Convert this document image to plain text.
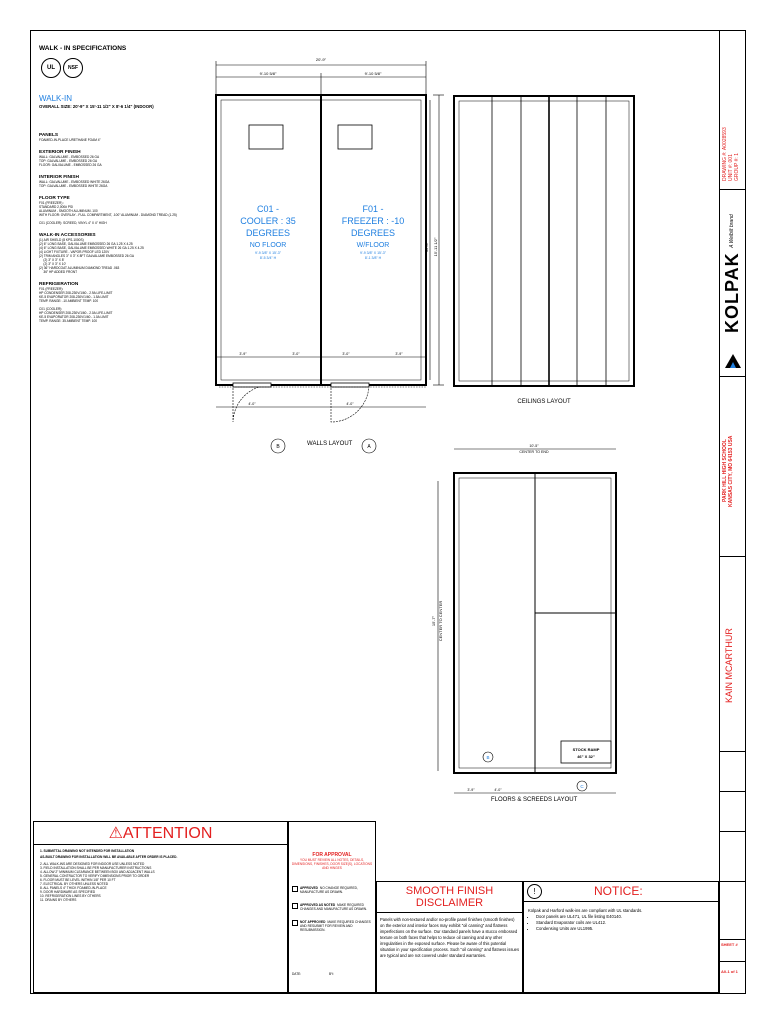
WALK - IN SPECIFICATIONS
UL	NSF
WALK-IN
OVERALL SIZE: 20'-9" X 15'-11 1/2" X 8'-6 1/4" (INDOOR)
PANELS
FOAMED-IN-PLACE URETHANE FOAM 4"
EXTERIOR FINISH
WALL: GALVALUME - EMBOSSED 26 GA
TOP: GALVALUME - EMBOSSED 26 GA
FLOOR: GALVALUME - EMBOSSED 26 GA
INTERIOR FINISH
WALL: GALVALUME - EMBOSSED WHITE 26GA
TOP: GALVALUME - EMBOSSED WHITE 26GA
FLOOR TYPE
F01 (FREEZER) :
STANDARD 2,000# PSI
ALUMINUM - SMOOTH ALUMINUM .100
WITH FLOOR: OVERLAY - FULL COMPARTMENT, .100" ALUMINUM - DIAMOND TREAD (1.25)
C01 (COOLER): SCREED, VINYL 4" X 4" HIGH
WALK-IN ACCESSORIES
(1) AIR SHIELD (8 KPS-1000S)
(2) 6" LONG BASE, GALVALUME EMBOSSED 26 GA 1.25 X 4.25
(4) 6" LONG BASE, GALVALUME EMBOSSED WHITE 26 GA 1.25 X 4.25
(4) LIGHT FIXTURE - VAPOR-PROOF LED 120V
(2) TRIM ANGLES 3" X 3" X 8FT GALVALUME EMBOSSED 26 GA
(2) 3" X 3" X 8'
(2) 3" X 3" X 10'
(2) 36" HARDCOAT ALUMINUM DIAMOND TREAD .063
36" HP ADDED FRONT
REFRIGERATION
F01 (FREEZER):
HP CONDENSER 208-230V/1/60 - 2.9A LIFE-LIMIT
KE-5 EVAPORATOR 208-230V/1/60 - 1.5A LIMIT
TEMP. RANGE: -10 AMBIENT TEMP. 100
C01 (COOLER):
HP CONDENSER 208-230V/1/60 - 2.0A LIFE-LIMIT
KE-5 EVAPORATOR 208-230V/1/60 - 1.0A LIMIT
TEMP. RANGE: 35 AMBIENT TEMP. 100
20'-9"
9'-10 5/8"	9'-10 5/8"
15'-11 1/2"
15'-3"
C01 -
COOLER : 35
DEGREES
NO FLOOR
9'-9 3/8" X 15'-3"
8'-5 3/4" H
F01 -
FREEZER : -10
DEGREES
W/FLOOR
9'-9 3/8" X 15'-3"
8'-1 3/8" H
3'-9"	3'-0"	3'-0"	3'-9"
4'-0"	4'-0"
WALLS LAYOUT
B	A
CEILINGS LAYOUT
10'-5"
CENTER TO END
15'-7" CENTER TO CENTER
3'-9"	4'-0"
STOCK RAMP
46" X 32"
B
C
FLOORS & SCREEDS LAYOUT
⚠ATTENTION
1. SUBMITTAL DRAWING NOT INTENDED FOR INSTALLATION
AS-BUILT DRAWING FOR INSTALLATION WILL BE AVAILABLE AFTER ORDER IS PLACED.
2. ALL WALK-INS ARE DESIGNED FOR INDOOR USE UNLESS NOTED
3. FIELD INSTALLATION SHALL BE PER MANUFACTURER INSTRUCTIONS
4. ALLOW 2" MINIMUM CLEARANCE BETWEEN BOX AND ADJACENT WALLS
5. GENERAL CONTRACTOR TO VERIFY DIMENSIONS PRIOR TO ORDER
6. FLOOR MUST BE LEVEL WITHIN 1/8" PER 10 FT
7. ELECTRICAL BY OTHERS UNLESS NOTED
8. ALL PANELS 4" THICK FOAMED-IN-PLACE
9. DOOR HARDWARE AS SPECIFIED
10. REFRIGERATION LINES BY OTHERS
11. DRAINS BY OTHERS
FOR APPROVAL
YOU MUST REVIEW ALL NOTES, DETAILS, DIMENSIONS, FINISHES, DOOR SIZE(S), LOCATIONS AND HINGES
APPROVED NO CHANGE REQUIRED, MANUFACTURE AS DRAWN.
APPROVED AS NOTED MAKE REQUIRED CHANGES AND MANUFACTURE AS DRAWN.
NOT APPROVED MAKE REQUIRED CHANGES AND RESUBMIT FOR REVIEW AND RESUBMISSION.
DATE:	BY:
SMOOTH FINISH DISCLAIMER
Panels with non-textured and/or no-profile panel finishes (smooth finishes) on the exterior and interior faces may exhibit "oil canning" and flatness imperfections on the surface. Our standard panels have a stucco embossed texture on both faces that helps to reduce oil canning and any other irregularities in the exposed surface. Please be aware of this potential situation in your specification process. Such "oil canning" and flatness issues are typical and are not covered under standard warranties.
!	NOTICE:
Kolpak and Harford walk-ins are compliant with UL standards.
• Door panels are UL471, UL file listing E40140.
• Standard Evaporator coils are UL412.
• Condensing Units are UL1995.
DRAWING #: A0028593
UNIT #: 001
GROUP #: 1
KOLPAK A Welbilt brand
PARK HILL HIGH SCHOOL
KANSAS CITY, MO 64153 USA
KAIN MCARTHUR
SHEET #
A0-1 of 1
